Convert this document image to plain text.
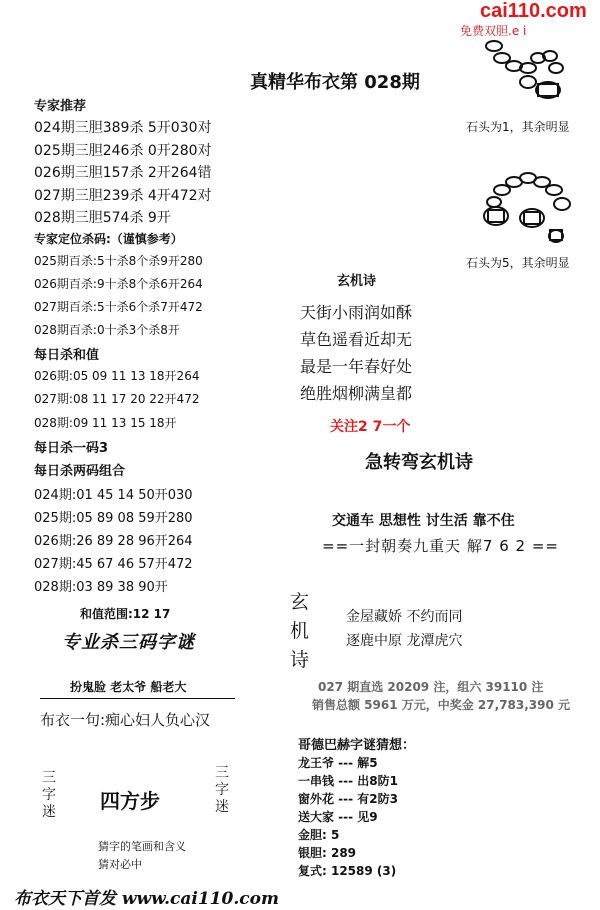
cai110.com
免费双胆.e i
真精华布衣第 028期
专家推荐
024期三胆389杀 5开030对
025期三胆246杀 0开280对
026期三胆157杀 2开264错
027期三胆239杀 4开472对
028期三胆574杀 9开
专家定位杀码:（谨慎参考）
025期百杀:5十杀8个杀9开280
026期百杀:9十杀8个杀6开264
027期百杀:5十杀6个杀7开472
028期百杀:0十杀3个杀8开
每日杀和值
026期:05 09 11 13 18开264
027期:08 11 17 20 22开472
028期:09 11 13 15 18开
每日杀一码3
每日杀两码组合
024期:01 45 14 50开030
025期:05 89 08 59开280
026期:26 89 28 96开264
027期:45 67 46 57开472
028期:03 89 38 90开
和值范围:12 17
专业杀三码字谜
扮鬼脸 老太爷 船老大
布衣一句:痴心妇人负心汉
三字迷 四方步
三字迷
猜字的笔画和含义
猜对必中
布衣天下首发 www.cai110.com
石头为1，其余明显
石头为5，其余明显
玄机诗
天街小雨润如酥
草色遥看近却无
最是一年春好处
绝胜烟柳满皇都
关注2 7一个
急转弯玄机诗
交通车 思想性 讨生活 靠不住
==一封朝奏九重天 解7 6 2 ==
玄
机
诗
金屋藏娇 不约而同
逐鹿中原 龙潭虎穴
027 期直选 20209 注，组六 39110 注
销售总额 5961 万元，中奖金 27,783,390 元
哥德巴赫字谜猜想：
龙王爷 --- 解5
一串钱 --- 出8防1
窗外花 --- 有2防3
送大家 --- 见9
金胆: 5
银胆: 289
复式: 12589 (3)
